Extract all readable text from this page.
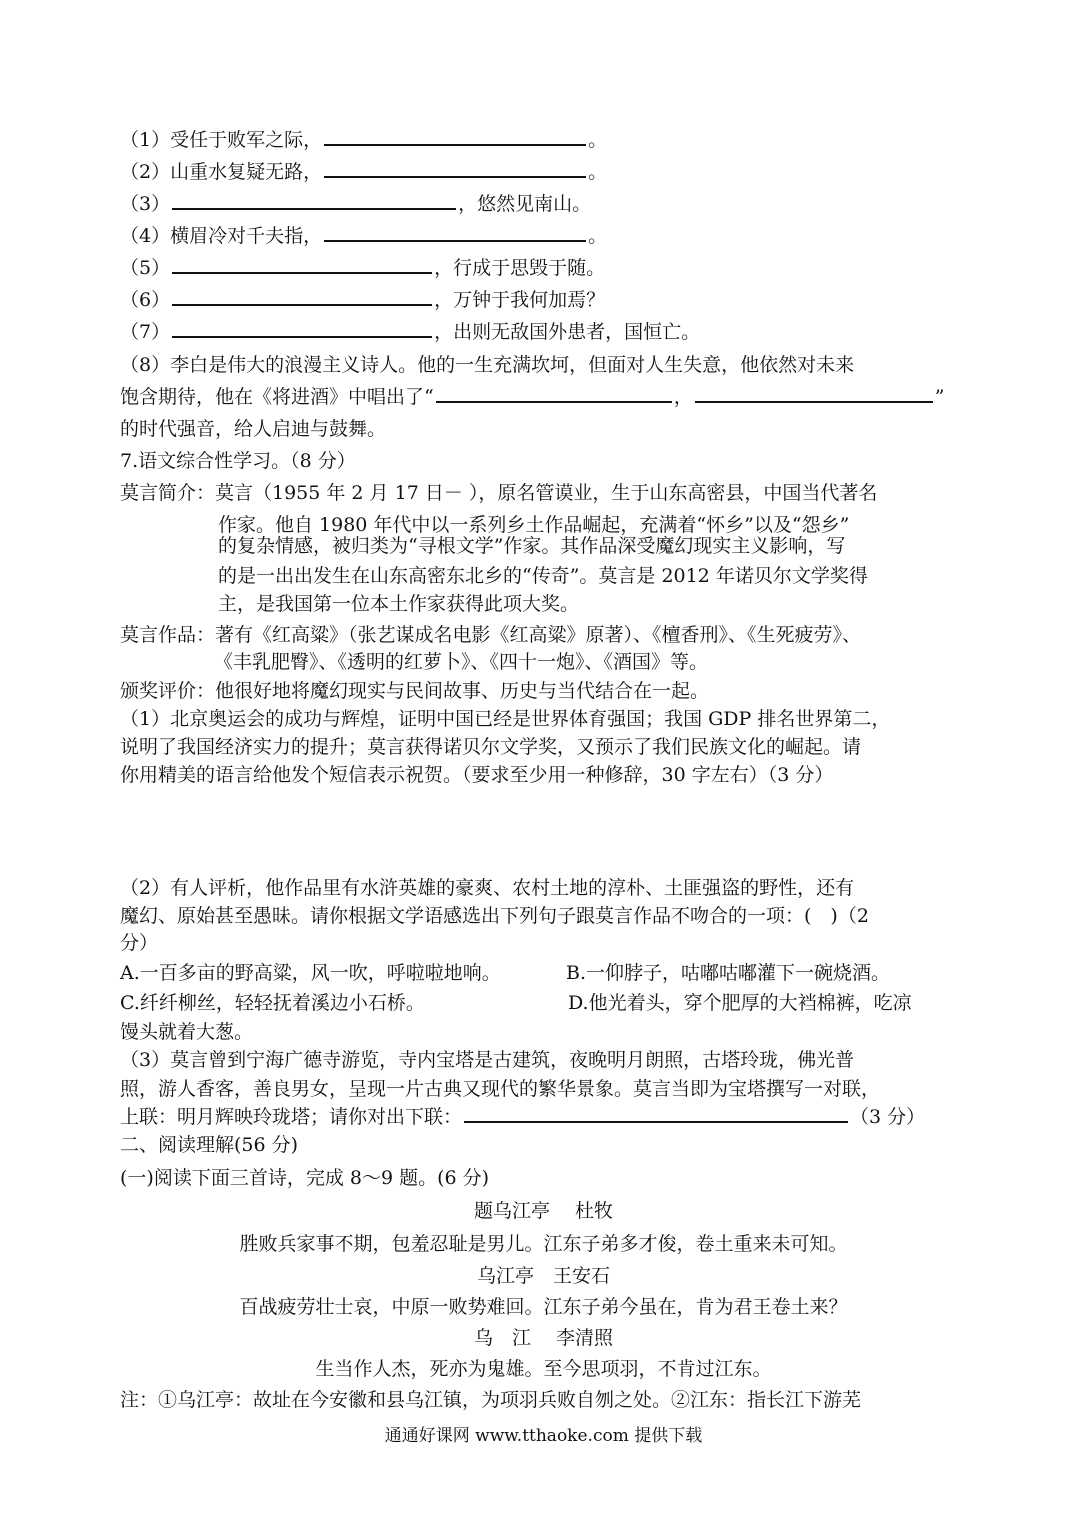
（1）受任于败军之际，	。
（2）山重水复疑无路，	。
（3）	，悠然见南山。
（4）横眉冷对千夫指，	。
（5）	，行成于思毁于随。
（6）	，万钟于我何加焉？
（7）	，出则无敌国外患者，国恒亡。
（8）李白是伟大的浪漫主义诗人。他的一生充满坎坷，但面对人生失意，他依然对未来
饱含期待，他在《将进酒》中唱出了“	，	”
的时代强音，给人启迪与鼓舞。
7.语文综合性学习。（8 分）
莫言简介：莫言（1955 年 2 月 17 日－ ），原名管谟业，生于山东高密县，中国当代著名
作家。他自 1980 年代中以一系列乡土作品崛起，充满着“怀乡”以及“怨乡”
的复杂情感，被归类为“寻根文学”作家。其作品深受魔幻现实主义影响，写
的是一出出发生在山东高密东北乡的“传奇”。莫言是 2012 年诺贝尔文学奖得
主，是我国第一位本土作家获得此项大奖。
莫言作品：著有《红高粱》（张艺谋成名电影《红高粱》原著）、《檀香刑》、《生死疲劳》、
《丰乳肥臀》、《透明的红萝卜》、《四十一炮》、《酒国》等。
颁奖评价：他很好地将魔幻现实与民间故事、历史与当代结合在一起。
（1）北京奥运会的成功与辉煌，证明中国已经是世界体育强国；我国 GDP 排名世界第二，
说明了我国经济实力的提升；莫言获得诺贝尔文学奖，又预示了我们民族文化的崛起。请
你用精美的语言给他发个短信表示祝贺。（要求至少用一种修辞，30 字左右）（3 分）
（2）有人评析，他作品里有水浒英雄的豪爽、农村土地的淳朴、土匪强盗的野性，还有
魔幻、原始甚至愚昧。请你根据文学语感选出下列句子跟莫言作品不吻合的一项：(　)（2
分）
A.一百多亩的野高粱，风一吹，呼啦啦地响。	B.一仰脖子，咕嘟咕嘟灌下一碗烧酒。
C.纤纤柳丝，轻轻抚着溪边小石桥。	D.他光着头，穿个肥厚的大裆棉裤，吃凉
馒头就着大葱。
（3）莫言曾到宁海广德寺游览，寺内宝塔是古建筑，夜晚明月朗照，古塔玲珑，佛光普
照，游人香客，善良男女，呈现一片古典又现代的繁华景象。莫言当即为宝塔撰写一对联，
上联：明月辉映玲珑塔；请你对出下联：	（3 分）
二、阅读理解(56 分)
(一)阅读下面三首诗，完成 8～9 题。(6 分)
题乌江亭　 杜牧
胜败兵家事不期，包羞忍耻是男儿。江东子弟多才俊，卷土重来未可知。
乌江亭　王安石
百战疲劳壮士哀，中原一败势难回。江东子弟今虽在，肯为君王卷土来？
乌　江　 李清照
生当作人杰，死亦为鬼雄。至今思项羽，不肯过江东。
注：①乌江亭：故址在今安徽和县乌江镇，为项羽兵败自刎之处。②江东：指长江下游芜
通通好课网 www.tthaoke.com 提供下载
